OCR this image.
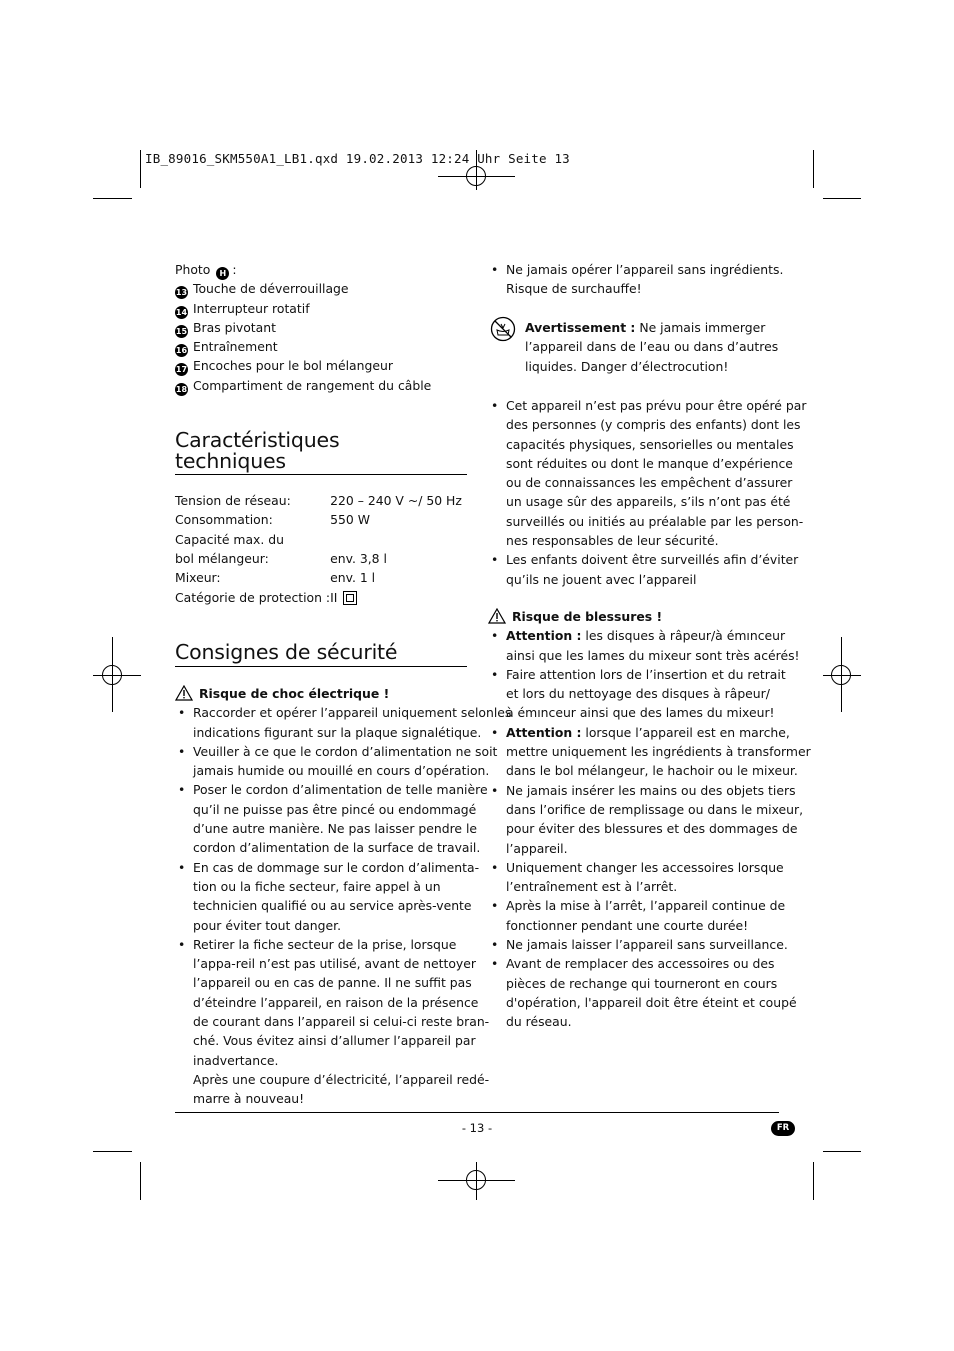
IB_89016_SKM550A1_LB1.qxd 19.02.2013 12:24 Uhr Seite 13
Photo H :
13 Touche de déverrouillage
14 Interrupteur rotatif
15 Bras pivotant
16 Entraînement
17 Encoches pour le bol mélangeur
18 Compartiment de rangement du câble
Caractéristiques
techniques
Tension de réseau:	220 – 240 V ~/ 50 Hz
Consommation:	550 W
Capacité max. du	
bol mélangeur:	env. 3,8 l
Mixeur:	env. 1 l
Catégorie de protection :	II
Consignes de sécurité
Risque de choc électrique !
• Raccorder et opérer l’appareil uniquement selonles
indications figurant sur la plaque signalétique.
• Veuiller à ce que le cordon d’alimentation ne soit
jamais humide ou mouillé en cours d’opération.
• Poser le cordon d’alimentation de telle manière
qu’il ne puisse pas être pincé ou endommagé
d’une autre manière. Ne pas laisser pendre le
cordon d’alimentation de la surface de travail.
• En cas de dommage sur le cordon d’alimenta-
tion ou la fiche secteur, faire appel à un
technicien qualifié ou au service après-vente
pour éviter tout danger.
• Retirer la fiche secteur de la prise, lorsque
l’appa-reil n’est pas utilisé, avant de nettoyer
l’appareil ou en cas de panne. Il ne suffit pas
d’éteindre l’appareil, en raison de la présence
de courant dans l’appareil si celui-ci reste bran-
ché. Vous évitez ainsi d’allumer l’appareil par
inadvertance.
Après une coupure d’électricité, l’appareil redé-
marre à nouveau!
• Ne jamais opérer l’appareil sans ingrédients.
Risque de surchauffe!
Avertissement : Ne jamais immerger
l’appareil dans de l’eau ou dans d’autres
liquides. Danger d’électrocution!
• Cet appareil n’est pas prévu pour être opéré par
des personnes (y compris des enfants) dont les
capacités physiques, sensorielles ou mentales
sont réduites ou dont le manque d’expérience
ou de connaissances les empêchent d’assurer
un usage sûr des appareils, s’ils n’ont pas été
surveillés ou initiés au préalable par les person-
nes responsables de leur sécurité.
• Les enfants doivent être surveillés afin d’éviter
qu’ils ne jouent avec l’appareil
Risque de blessures !
• Attention : les disques à râpeur/à émınceur
ainsi que les lames du mixeur sont très acérés!
• Faire attention lors de l’insertion et du retrait
et lors du nettoyage des disques à râpeur/
à émınceur ainsi que des lames du mixeur!
• Attention : lorsque l’appareil est en marche,
mettre uniquement les ingrédients à transformer
dans le bol mélangeur, le hachoir ou le mixeur.
• Ne jamais insérer les mains ou des objets tiers
dans l’orifice de remplissage ou dans le mixeur,
pour éviter des blessures et des dommages de
l’appareil.
• Uniquement changer les accessoires lorsque
l’entraînement est à l’arrêt.
• Après la mise à l’arrêt, l’appareil continue de
fonctionner pendant une courte durée!
• Ne jamais laisser l’appareil sans surveillance.
• Avant de remplacer des accessoires ou des
pièces de rechange qui tourneront en cours
d'opération, l'appareil doit être éteint et coupé
du réseau.
- 13 -	FR
